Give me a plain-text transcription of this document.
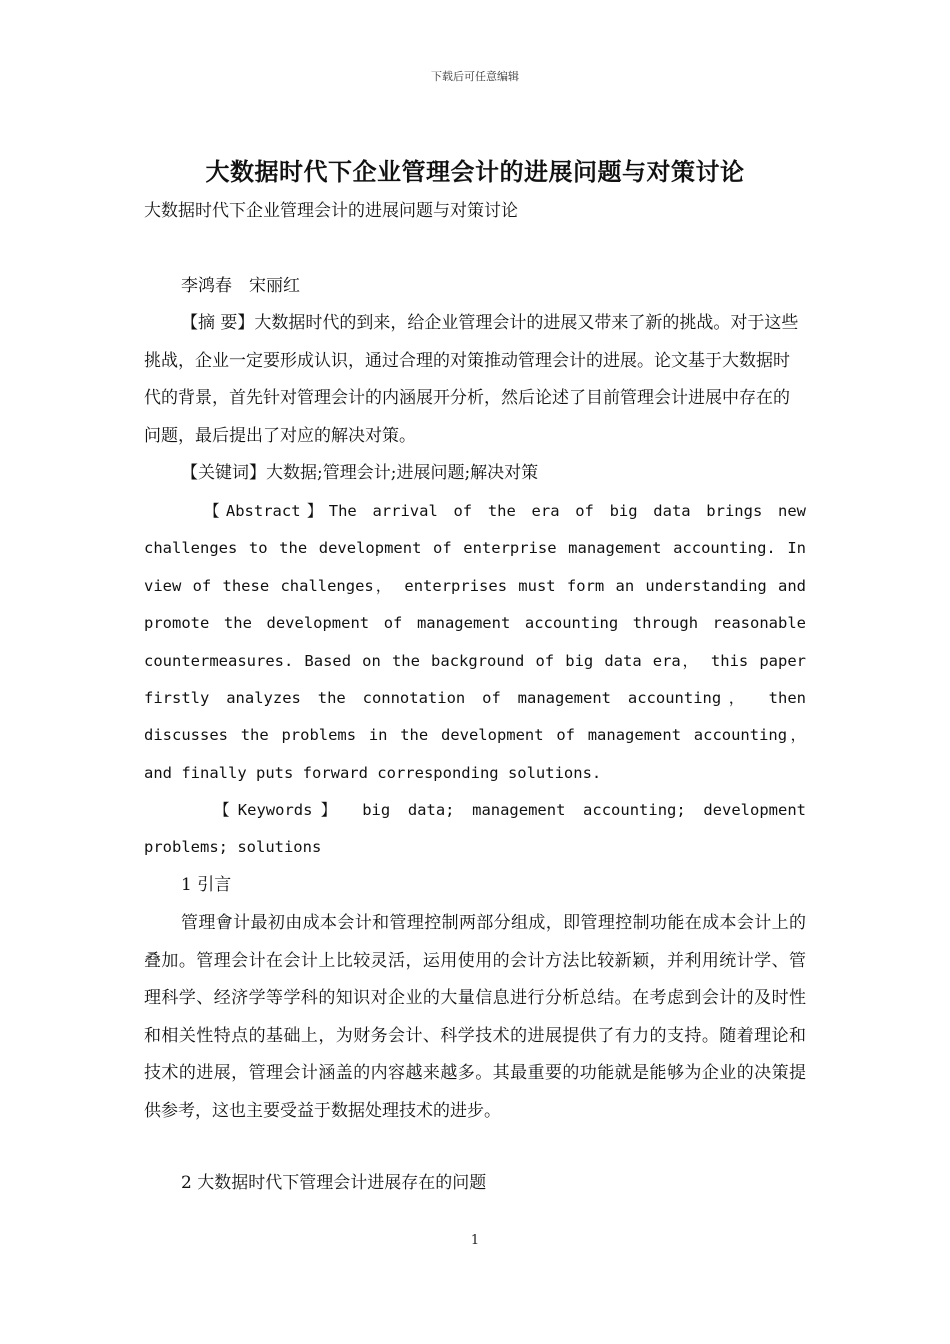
下载后可任意编辑
大数据时代下企业管理会计的进展问题与对策讨论
大数据时代下企业管理会计的进展问题与对策讨论
李鸿春　宋丽红
【摘 要】大数据时代的到来，给企业管理会计的进展又带来了新的挑战。对于这些挑战，企业一定要形成认识，通过合理的对策推动管理会计的进展。论文基于大数据时代的背景，首先针对管理会计的内涵展开分析，然后论述了目前管理会计进展中存在的问题，最后提出了对应的解决对策。
【关键词】大数据;管理会计;进展问题;解决对策
【Abstract】The arrival of the era of big data brings new challenges to the development of enterprise management accounting. In view of these challenges， enterprises must form an understanding and promote the development of management accounting through reasonable countermeasures. Based on the background of big data era， this paper firstly analyzes the connotation of management accounting， then discusses the problems in the development of management accounting， and finally puts forward corresponding solutions.
【Keywords】 big data; management accounting; development problems; solutions
1 引言
管理會计最初由成本会计和管理控制两部分组成，即管理控制功能在成本会计上的叠加。管理会计在会计上比较灵活，运用使用的会计方法比较新颖，并利用统计学、管理科学、经济学等学科的知识对企业的大量信息进行分析总结。在考虑到会计的及时性和相关性特点的基础上，为财务会计、科学技术的进展提供了有力的支持。随着理论和技术的进展，管理会计涵盖的内容越来越多。其最重要的功能就是能够为企业的决策提供参考，这也主要受益于数据处理技术的进步。
2 大数据时代下管理会计进展存在的问题
1
